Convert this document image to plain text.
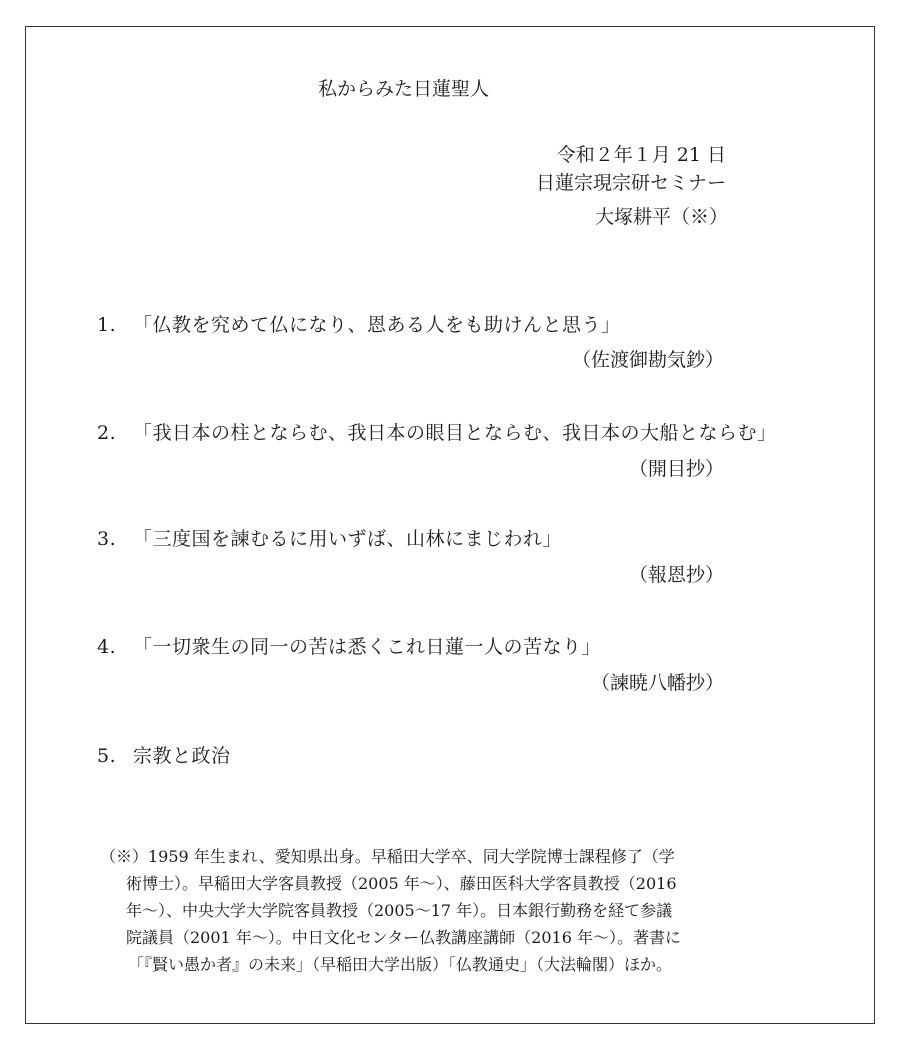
私からみた日蓮聖人
令和２年１月 21 日
日蓮宗現宗研セミナー
大塚耕平（※）
1. 「仏教を究めて仏になり、恩ある人をも助けんと思う」
（佐渡御勘気鈔）
2. 「我日本の柱とならむ、我日本の眼目とならむ、我日本の大船とならむ」
（開目抄）
3. 「三度国を諫むるに用いずば、山林にまじわれ」
（報恩抄）
4. 「一切衆生の同一の苦は悉くこれ日蓮一人の苦なり」
（諫暁八幡抄）
5. 宗教と政治
（※）1959 年生まれ、愛知県出身。早稲田大学卒、同大学院博士課程修了（学
術博士）。早稲田大学客員教授（2005 年～）、藤田医科大学客員教授（2016
年～）、中央大学大学院客員教授（2005～17 年）。日本銀行勤務を経て参議
院議員（2001 年～）。中日文化センター仏教講座講師（2016 年～）。著書に
「『賢い愚か者』の未来」（早稲田大学出版）「仏教通史」（大法輪閣）ほか。
